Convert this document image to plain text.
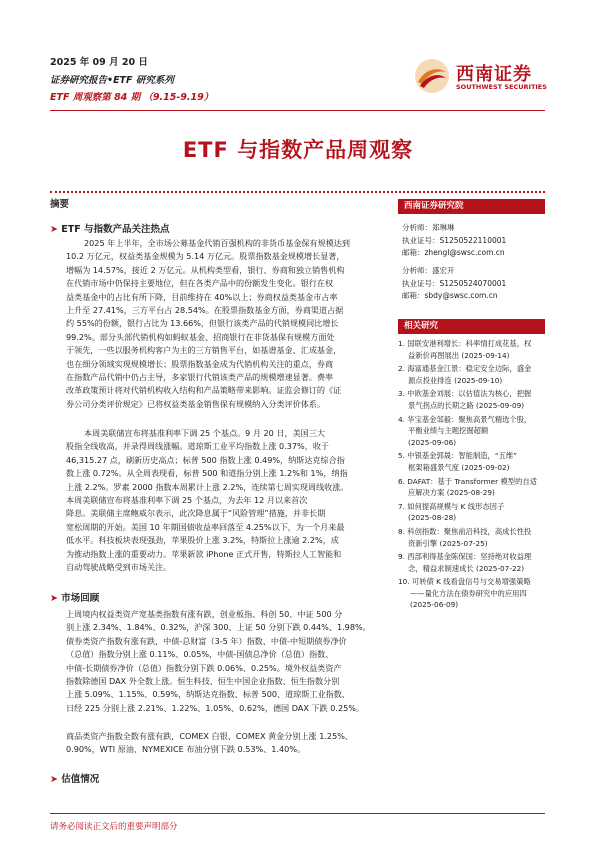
2025 年 09 月 20 日
证券研究报告•ETF 研究系列
ETF 周观察第 84 期 （9.15-9.19）
西南证券
SOUTHWEST SECURITIES
ETF 与指数产品周观察
摘要
➤ ETF 与指数产品关注热点
2025 年上半年，全市场公募基金代销百强机构的非货币基金保有规模达到
10.2 万亿元，权益类基金规模为 5.14 万亿元。股票指数基金规模增长显著，
增幅为 14.57%，接近 2 万亿元。从机构类型看，银行、券商和独立销售机构
在代销市场中仍保持主要地位，但在各类产品中的份额发生变化。银行在权
益类基金中的占比有所下降，目前维持在 40%以上；券商权益类基金市占率
上升至 27.41%，三方平台占 28.54%。在股票指数基金方面，券商渠道占据
约 55%的份额，银行占比为 13.66%，但银行该类产品的代销规模同比增长
99.2%。部分头部代销机构如蚂蚁基金、招商银行在非货基保有规模方面处
于领先，一些以服务机构客户为主的三方销售平台，如基谱基金、汇成基金，
也在细分领域实现规模增长；股票指数基金成为代销机构关注的重点，券商
在指数产品代销中仍占主导，多家银行代销该类产品的规模增速显著。费率
改革政策预计将对代销机构收入结构和产品策略带来影响。证监会修订的《证
券公司分类评价规定》已将权益类基金销售保有规模纳入分类评价体系。
本周美联储宣布将基准利率下调 25 个基点。9 月 20 日，美国三大
股指全线收高，并录得周线涨幅。道琼斯工业平均指数上涨 0.37%，收于
46,315.27 点，刷新历史高点；标普 500 指数上涨 0.49%，纳斯达克综合指
数上涨 0.72%。从全周表现看，标普 500 和道指分别上涨 1.2%和 1%，纳指
上涨 2.2%。罗素 2000 指数本周累计上涨 2.2%，连续第七周实现周线收涨。
本周美联储宣布将基准利率下调 25 个基点，为去年 12 月以来首次
降息。美联储主席鲍威尔表示，此次降息属于“风险管理”措施，并非长期
宽松周期的开始。美国 10 年期国债收益率回落至 4.25%以下，为一个月来最
低水平。科技板块表现强劲，苹果股价上涨 3.2%，特斯拉上涨逾 2.2%，成
为推动指数上涨的重要动力。苹果新款 iPhone 正式开售，特斯拉人工智能和
自动驾驶战略受到市场关注。
➤ 市场回顾
上周境内权益类资产宽基类指数有涨有跌，创业板指、科创 50、中证 500 分
别上涨 2.34%、1.84%、0.32%，沪深 300、上证 50 分别下跌 0.44%、1.98%。
债券类资产指数有涨有跌，中债-总财富（3-5 年）指数、中债-中短期债券净价
（总值）指数分别上涨 0.11%、0.05%，中债-国债总净价（总值）指数、
中债-长期债券净价（总值）指数分别下跌 0.06%、0.25%。境外权益类资产
指数除德国 DAX 外全数上涨。恒生科技、恒生中国企业指数、恒生指数分别
上涨 5.09%、1.15%、0.59%，纳斯达克指数、标普 500、道琼斯工业指数、
日经 225 分别上涨 2.21%、1.22%、1.05%、0.62%，德国 DAX 下跌 0.25%。
商品类资产指数全数有涨有跌，COMEX 白银、COMEX 黄金分别上涨 1.25%、
0.90%，WTI 原油、NYMEXICE 布油分别下跌 0.53%、1.40%。
➤ 估值情况
西南证券研究院
分析师：郑琳琳
执业证号：S1250522110001
邮箱：zhengl@swsc.com.cn
分析师：盛宏开
执业证号：S1250524070001
邮箱：sbdy@swsc.com.cn
相关研究
1. 国联安港利增长：科率情打成花基，权
益新价再图展出 (2025-09-14)
2. 海富通基金江景：稳定安全边际，盛金
源点投业排连 (2025-09-10)
3. 中欧基金刘展：以估值法为核心，把握
景气拐点的长期之路 (2025-09-09)
4. 华宝基金邹毅：聚焦高景气精选个股，
平衡业绩与主题挖掘超额
(2025-09-06)
5. 中银基金郭晟：智能制造，“五维”
框架箱盛景气度 (2025-09-02)
6. DAFAT：基于 Transformer 模型的自适
应解决方案 (2025-08-29)
7. 如何提高规模与 K 线形态因子
(2025-08-28)
8. 科创指数：聚焦前沿科技，高成长性投
资新引擎 (2025-07-25)
9. 西部利得基金陈保国：坚持绝对收益理
念，精益求制速成长 (2025-07-22)
10. 可转债 K 线看盘信号与交易增强策略
——量化方法在债券研究中的应用四
(2025-06-09)
请务必阅读正文后的重要声明部分
